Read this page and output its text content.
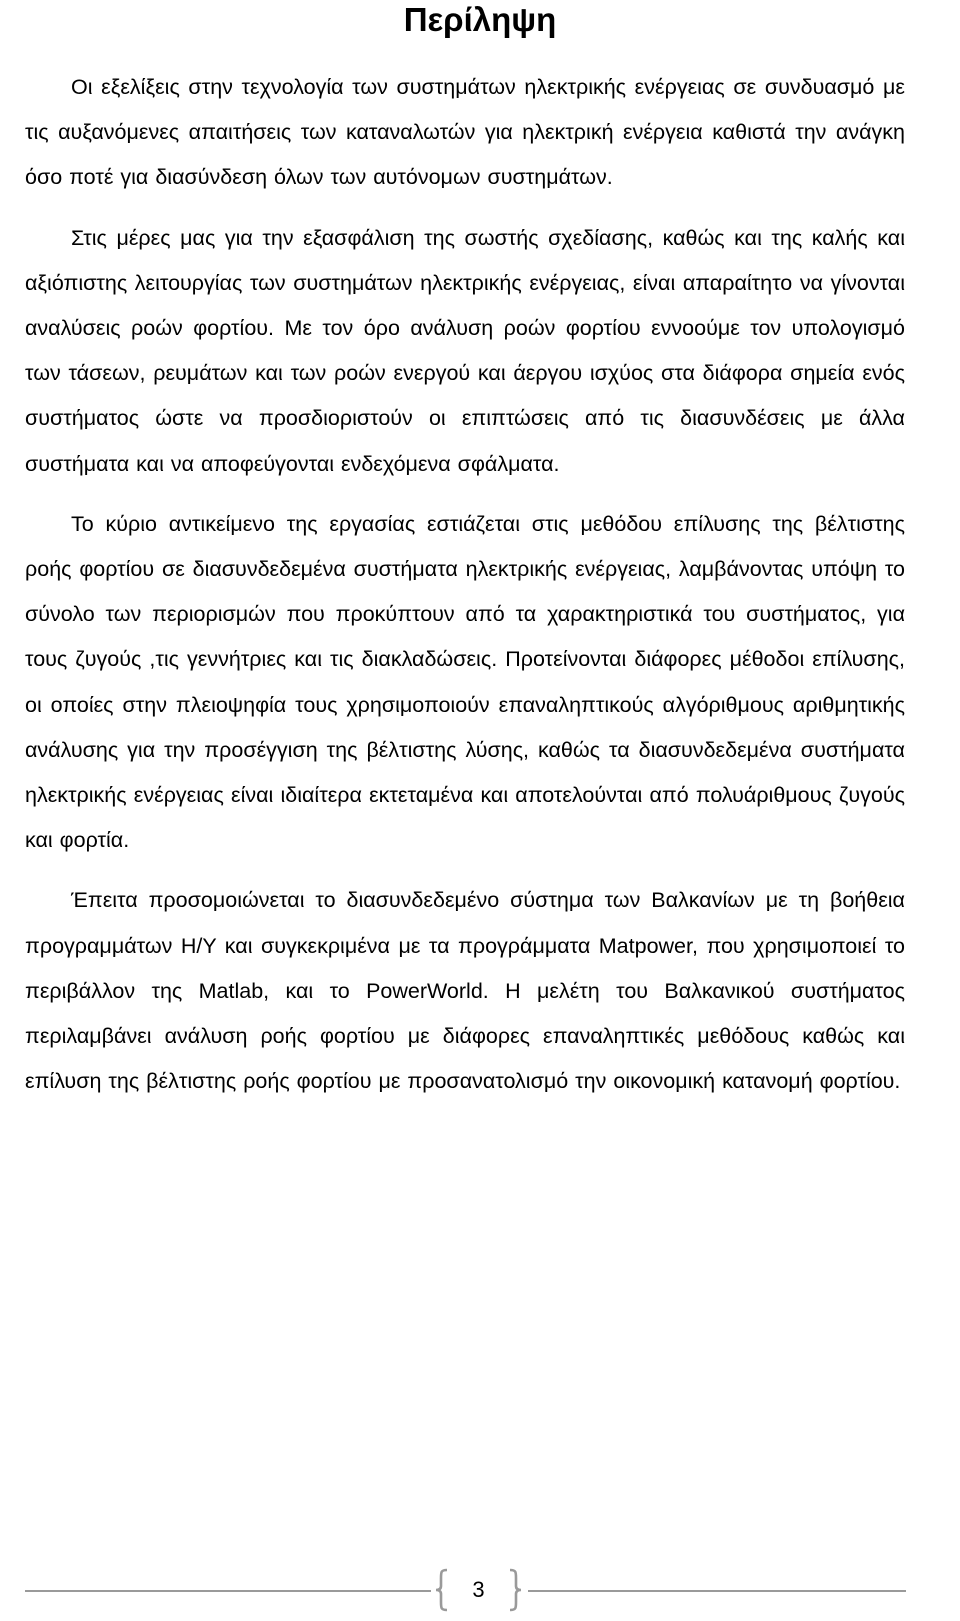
Περίληψη

Οι εξελίξεις στην τεχνολογία των συστημάτων ηλεκτρικής ενέργειας σε συνδυασμό με τις αυξανόμενες απαιτήσεις των καταναλωτών για ηλεκτρική ενέργεια καθιστά την ανάγκη όσο ποτέ για διασύνδεση όλων των αυτόνομων συστημάτων.

Στις μέρες μας για την εξασφάλιση της σωστής σχεδίασης, καθώς και της καλής και αξιόπιστης λειτουργίας των συστημάτων ηλεκτρικής ενέργειας, είναι απαραίτητο να γίνονται αναλύσεις ροών φορτίου. Με τον όρο ανάλυση ροών φορτίου εννοούμε τον υπολογισμό των τάσεων, ρευμάτων και των ροών ενεργού και άεργου ισχύος στα διάφορα σημεία ενός συστήματος ώστε να προσδιοριστούν οι επιπτώσεις από τις διασυνδέσεις με άλλα συστήματα και να αποφεύγονται ενδεχόμενα σφάλματα.

Το κύριο αντικείμενο της εργασίας εστιάζεται στις μεθόδου επίλυσης της βέλτιστης ροής φορτίου σε διασυνδεδεμένα συστήματα ηλεκτρικής ενέργειας, λαμβάνοντας υπόψη το σύνολο των περιορισμών που προκύπτουν από τα χαρακτηριστικά του συστήματος, για τους ζυγούς ,τις γεννήτριες και τις διακλαδώσεις. Προτείνονται διάφορες μέθοδοι επίλυσης, οι οποίες στην πλειοψηφία τους χρησιμοποιούν επαναληπτικούς αλγόριθμους αριθμητικής ανάλυσης για την προσέγγιση της βέλτιστης λύσης, καθώς τα διασυνδεδεμένα συστήματα ηλεκτρικής ενέργειας είναι ιδιαίτερα εκτεταμένα και αποτελούνται από πολυάριθμους ζυγούς και φορτία.

Έπειτα προσομοιώνεται το διασυνδεδεμένο σύστημα των Βαλκανίων με τη βοήθεια προγραμμάτων Η/Υ και συγκεκριμένα με τα προγράμματα Matpower, που χρησιμοποιεί το περιβάλλον της Matlab, και το PowerWorld. Η μελέτη του Βαλκανικού συστήματος περιλαμβάνει ανάλυση ροής φορτίου με διάφορες επαναληπτικές μεθόδους καθώς και επίλυση της βέλτιστης ροής φορτίου με προσανατολισμό την οικονομική κατανομή φορτίου.

3
